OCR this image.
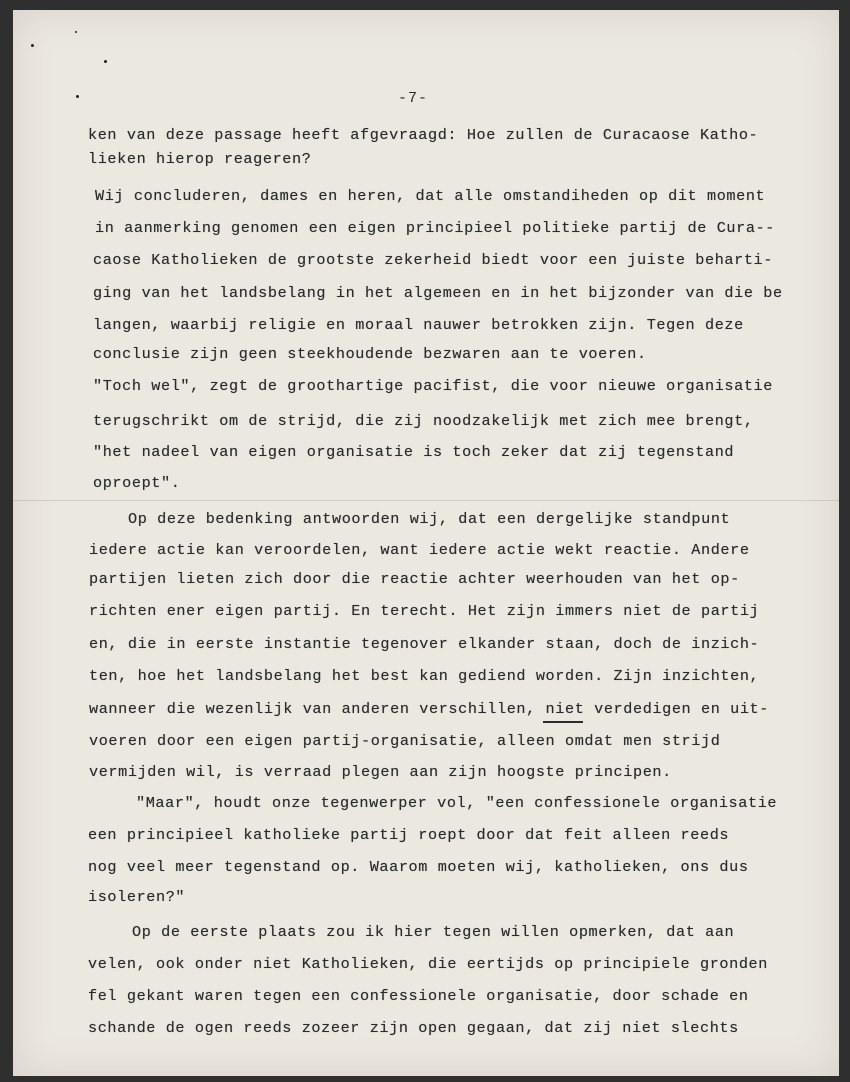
-7-
ken van deze passage heeft afgevraagd: Hoe zullen de Curacaose Katho-
lieken hierop reageren?
Wij concluderen, dames en heren, dat alle omstandiheden op dit moment
in aanmerking genomen een eigen principieel politieke partij de Cura--
caose Katholieken de grootste zekerheid biedt voor een juiste beharti-
ging van het landsbelang in het algemeen en in het bijzonder van die be
langen, waarbij religie en moraal nauwer betrokken zijn. Tegen deze
conclusie zijn geen steekhoudende bezwaren aan te voeren.
"Toch wel", zegt de groothartige pacifist, die voor nieuwe organisatie
terugschrikt om de strijd, die zij noodzakelijk met zich mee brengt,
"het nadeel van eigen organisatie is toch zeker dat zij tegenstand
oproept".
Op deze bedenking antwoorden wij, dat een dergelijke standpunt
iedere actie kan veroordelen, want iedere actie wekt reactie. Andere
partijen lieten zich door die reactie achter weerhouden van het op-
richten ener eigen partij. En terecht. Het zijn immers niet de partij
en, die in eerste instantie tegenover elkander staan, doch de inzich-
ten, hoe het landsbelang het best kan gediend worden. Zijn inzichten,
wanneer die wezenlijk van anderen verschillen, niet verdedigen en uit-
voeren door een eigen partij-organisatie, alleen omdat men strijd
vermijden wil, is verraad plegen aan zijn hoogste principen.
"Maar", houdt onze tegenwerper vol, "een confessionele organisatie
een principieel katholieke partij roept door dat feit alleen reeds
nog veel meer tegenstand op. Waarom moeten wij, katholieken, ons dus
isoleren?"
Op de eerste plaats zou ik hier tegen willen opmerken, dat aan
velen, ook onder niet Katholieken, die eertijds op principiele gronden
fel gekant waren tegen een confessionele organisatie, door schade en
schande de ogen reeds zozeer zijn open gegaan, dat zij niet slechts
